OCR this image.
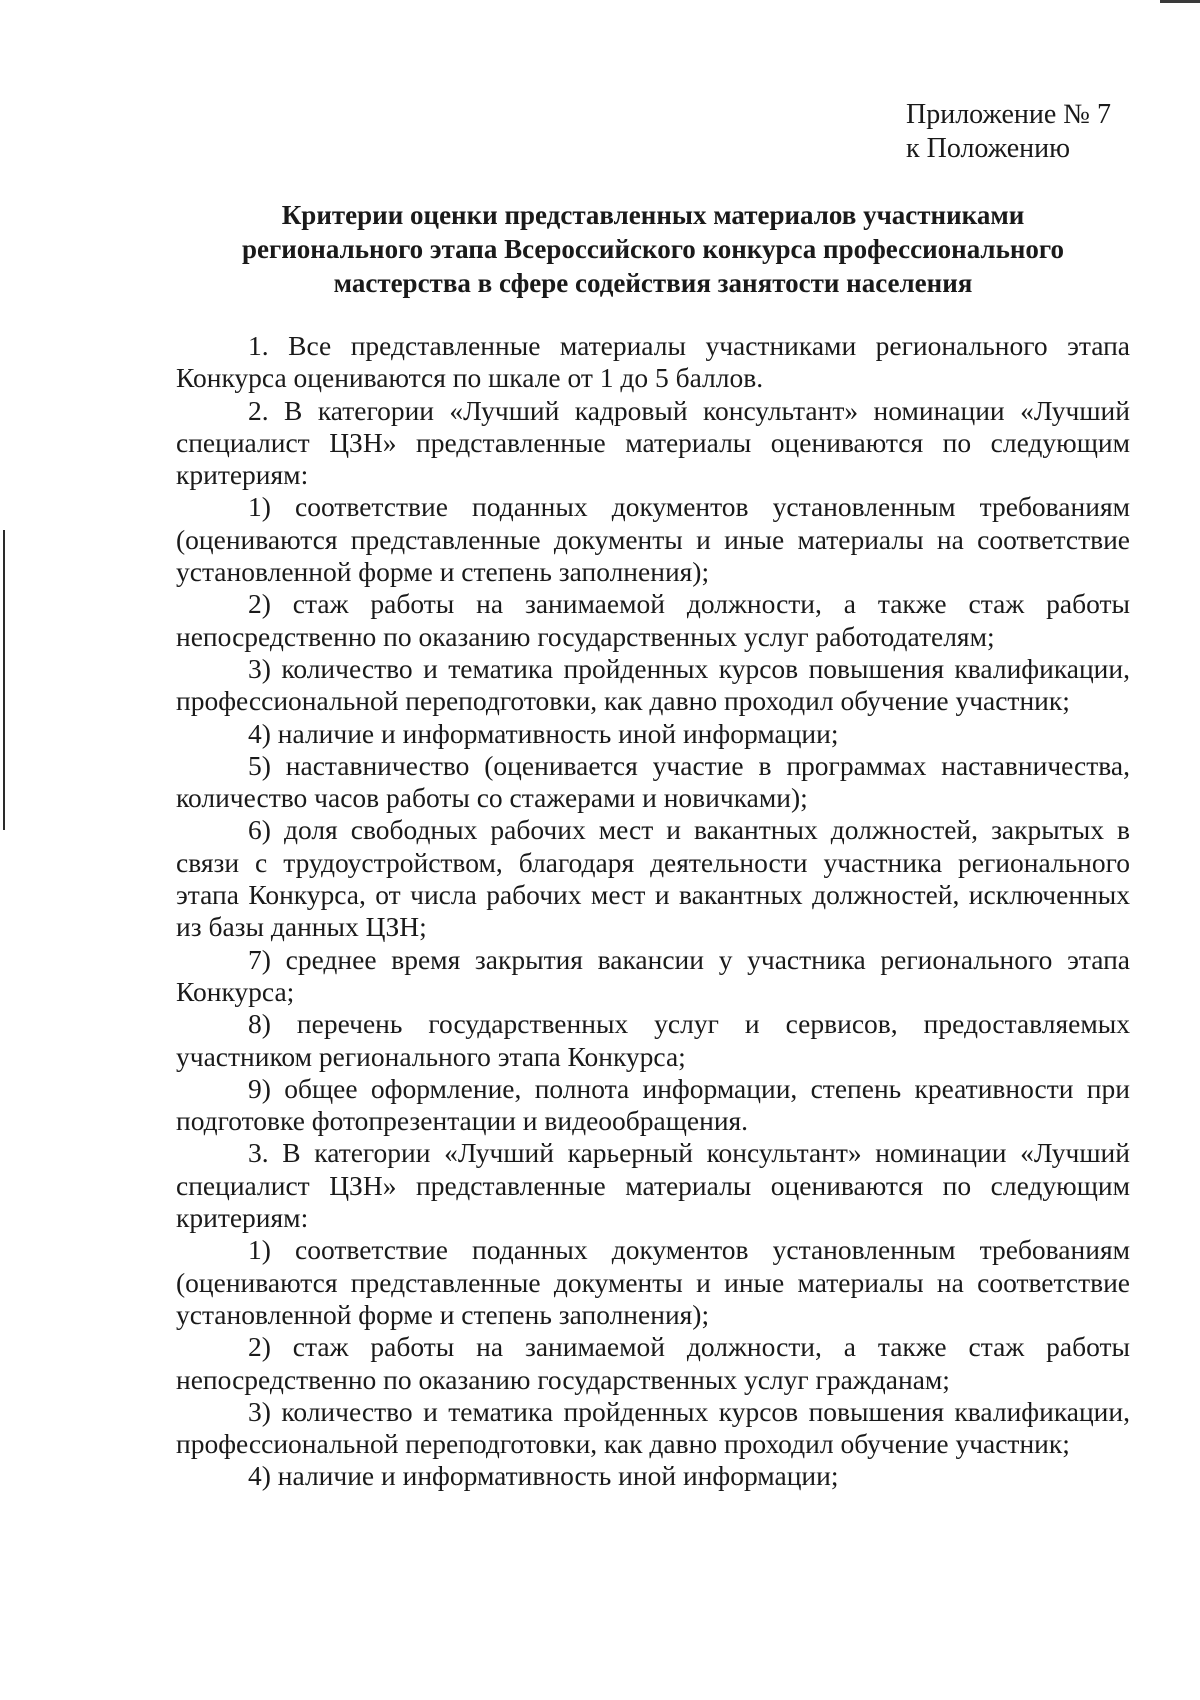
Приложение № 7
к Положению
Критерии оценки представленных материалов участниками
регионального этапа Всероссийского конкурса профессионального
мастерства в сфере содействия занятости населения

1. Все представленные материалы участниками регионального этапа Конкурса оцениваются по шкале от 1 до 5 баллов.

2. В категории «Лучший кадровый консультант» номинации «Лучший специалист ЦЗН» представленные материалы оцениваются по следующим критериям:

1) соответствие поданных документов установленным требованиям (оцениваются представленные документы и иные материалы на соответствие установленной форме и степень заполнения);

2) стаж работы на занимаемой должности, а также стаж работы непосредственно по оказанию государственных услуг работодателям;

3) количество и тематика пройденных курсов повышения квалификации, профессиональной переподготовки, как давно проходил обучение участник;

4) наличие и информативность иной информации;

5) наставничество (оценивается участие в программах наставничества, количество часов работы со стажерами и новичками);

6) доля свободных рабочих мест и вакантных должностей, закрытых в связи с трудоустройством, благодаря деятельности участника регионального этапа Конкурса, от числа рабочих мест и вакантных должностей, исключенных из базы данных ЦЗН;

7) среднее время закрытия вакансии у участника регионального этапа Конкурса;

8) перечень государственных услуг и сервисов, предоставляемых участником регионального этапа Конкурса;

9) общее оформление, полнота информации, степень креативности при подготовке фотопрезентации и видеообращения.

3. В категории «Лучший карьерный консультант» номинации «Лучший специалист ЦЗН» представленные материалы оцениваются по следующим критериям:

1) соответствие поданных документов установленным требованиям (оцениваются представленные документы и иные материалы на соответствие установленной форме и степень заполнения);

2) стаж работы на занимаемой должности, а также стаж работы непосредственно по оказанию государственных услуг гражданам;

3) количество и тематика пройденных курсов повышения квалификации, профессиональной переподготовки, как давно проходил обучение участник;

4) наличие и информативность иной информации;
